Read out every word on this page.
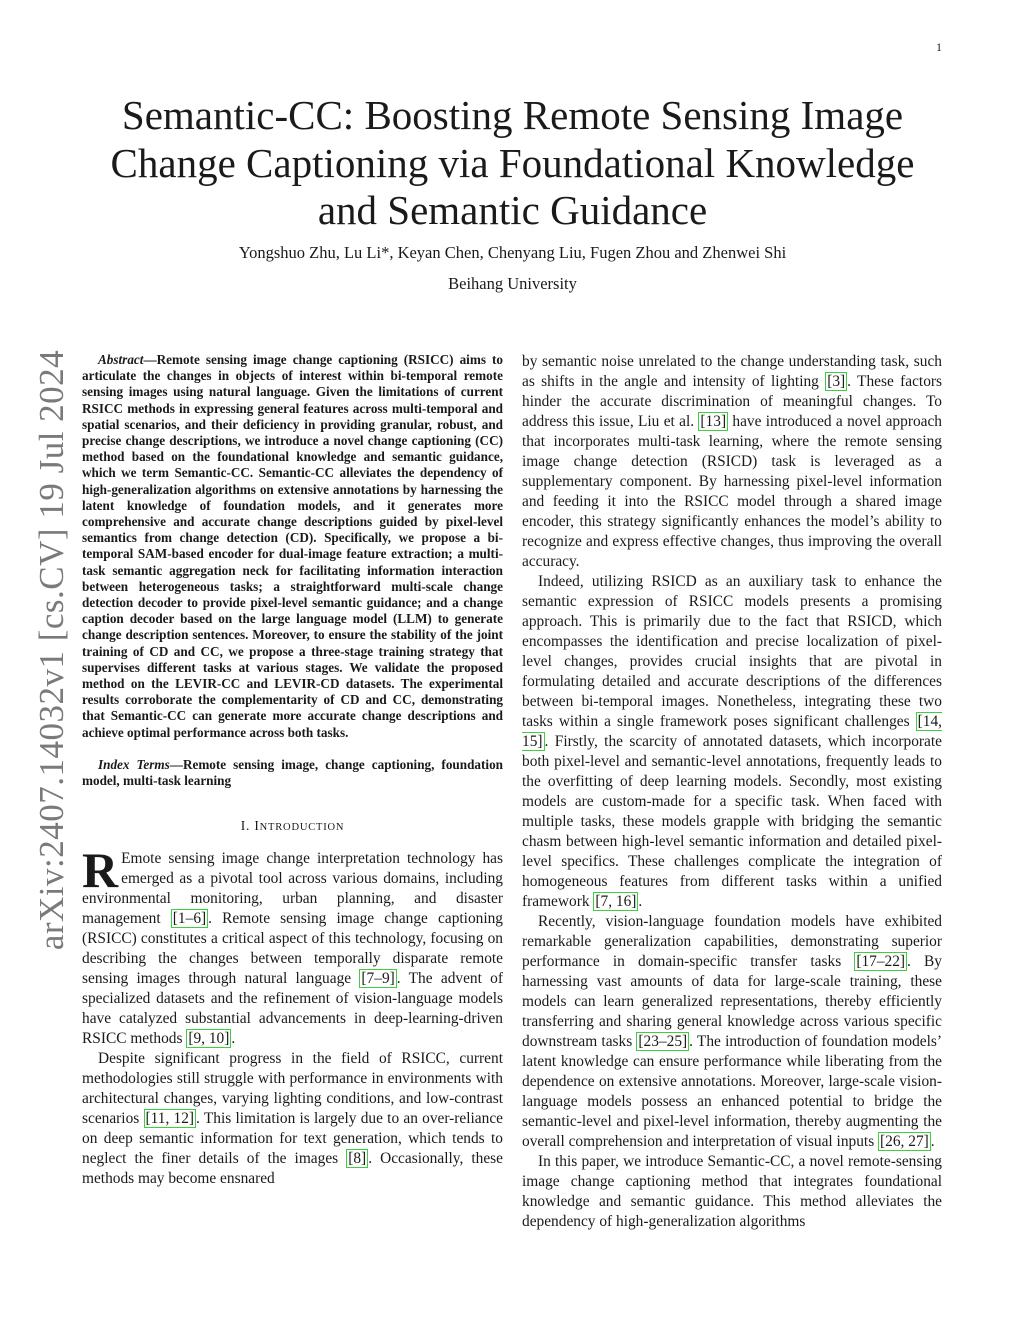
1
arXiv:2407.14032v1 [cs.CV] 19 Jul 2024
Semantic-CC: Boosting Remote Sensing Image Change Captioning via Foundational Knowledge and Semantic Guidance
Yongshuo Zhu, Lu Li*, Keyan Chen, Chenyang Liu, Fugen Zhou and Zhenwei Shi
Beihang University

Abstract—Remote sensing image change captioning (RSICC) aims to articulate the changes in objects of interest within bi-temporal remote sensing images using natural language. Given the limitations of current RSICC methods in expressing general features across multi-temporal and spatial scenarios, and their deficiency in providing granular, robust, and precise change descriptions, we introduce a novel change captioning (CC) method based on the foundational knowledge and semantic guidance, which we term Semantic-CC. Semantic-CC alleviates the dependency of high-generalization algorithms on extensive annotations by harnessing the latent knowledge of foundation models, and it generates more comprehensive and accurate change descriptions guided by pixel-level semantics from change detection (CD). Specifically, we propose a bi-temporal SAM-based encoder for dual-image feature extraction; a multi-task semantic aggregation neck for facilitating information interaction between heterogeneous tasks; a straightforward multi-scale change detection decoder to provide pixel-level semantic guidance; and a change caption decoder based on the large language model (LLM) to generate change description sentences. Moreover, to ensure the stability of the joint training of CD and CC, we propose a three-stage training strategy that supervises different tasks at various stages. We validate the proposed method on the LEVIR-CC and LEVIR-CD datasets. The experimental results corroborate the complementarity of CD and CC, demonstrating that Semantic-CC can generate more accurate change descriptions and achieve optimal performance across both tasks.

Index Terms—Remote sensing image, change captioning, foundation model, multi-task learning

I. INTRODUCTION

R Emote sensing image change interpretation technology has emerged as a pivotal tool across various domains, including environmental monitoring, urban planning, and disaster management [1–6] . Remote sensing image change captioning (RSICC) constitutes a critical aspect of this technology, focusing on describing the changes between temporally disparate remote sensing images through natural language [7–9] . The advent of specialized datasets and the refinement of vision-language models have catalyzed substantial advancements in deep-learning-driven RSICC methods [9, 10] .

Despite significant progress in the field of RSICC, current methodologies still struggle with performance in environments with architectural changes, varying lighting conditions, and low-contrast scenarios [11, 12] . This limitation is largely due to an over-reliance on deep semantic information for text generation, which tends to neglect the finer details of the images [8] . Occasionally, these methods may become ensnared

by semantic noise unrelated to the change understanding task, such as shifts in the angle and intensity of lighting [3] . These factors hinder the accurate discrimination of meaningful changes. To address this issue, Liu et al. [13] have introduced a novel approach that incorporates multi-task learning, where the remote sensing image change detection (RSICD) task is leveraged as a supplementary component. By harnessing pixel-level information and feeding it into the RSICC model through a shared image encoder, this strategy significantly enhances the model’s ability to recognize and express effective changes, thus improving the overall accuracy.

Indeed, utilizing RSICD as an auxiliary task to enhance the semantic expression of RSICC models presents a promising approach. This is primarily due to the fact that RSICD, which encompasses the identification and precise localization of pixel-level changes, provides crucial insights that are pivotal in formulating detailed and accurate descriptions of the differences between bi-temporal images. Nonetheless, integrating these two tasks within a single framework poses significant challenges [14, 15] . Firstly, the scarcity of annotated datasets, which incorporate both pixel-level and semantic-level annotations, frequently leads to the overfitting of deep learning models. Secondly, most existing models are custom-made for a specific task. When faced with multiple tasks, these models grapple with bridging the semantic chasm between high-level semantic information and detailed pixel-level specifics. These challenges complicate the integration of homogeneous features from different tasks within a unified framework [7, 16] .

Recently, vision-language foundation models have exhibited remarkable generalization capabilities, demonstrating superior performance in domain-specific transfer tasks [17–22] . By harnessing vast amounts of data for large-scale training, these models can learn generalized representations, thereby efficiently transferring and sharing general knowledge across various specific downstream tasks [23–25] . The introduction of foundation models’ latent knowledge can ensure performance while liberating from the dependence on extensive annotations. Moreover, large-scale vision-language models possess an enhanced potential to bridge the semantic-level and pixel-level information, thereby augmenting the overall comprehension and interpretation of visual inputs [26, 27] .

In this paper, we introduce Semantic-CC, a novel remote-sensing image change captioning method that integrates foundational knowledge and semantic guidance. This method alleviates the dependency of high-generalization algorithms
